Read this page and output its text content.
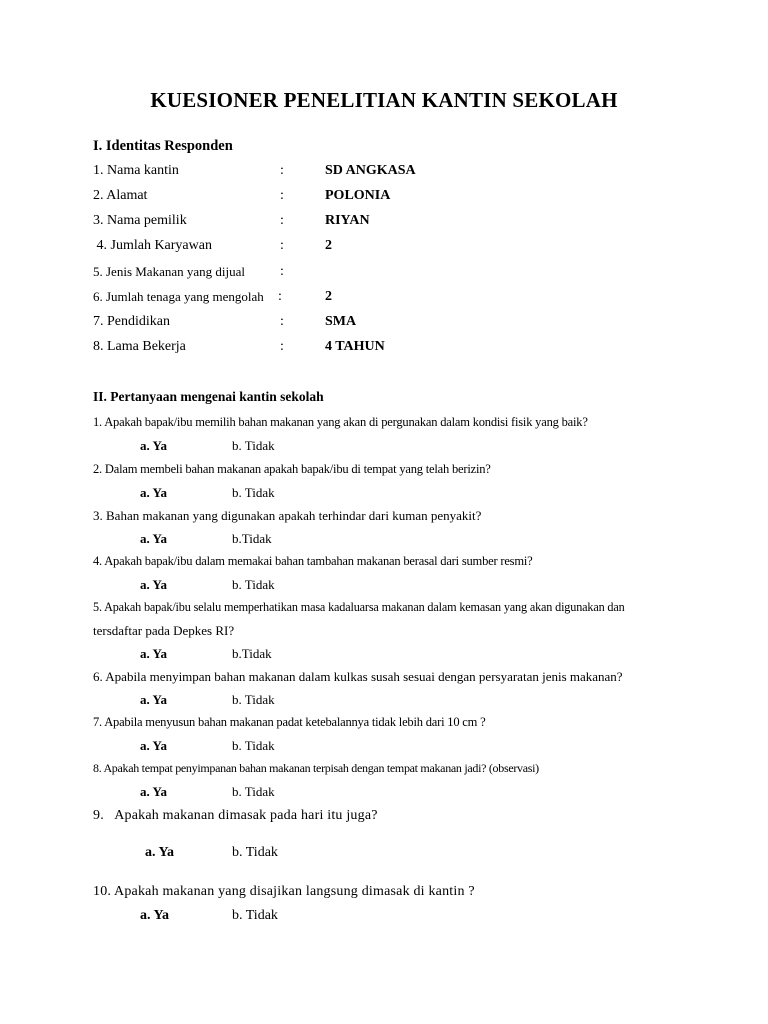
KUESIONER PENELITIAN KANTIN SEKOLAH
I. Identitas Responden
1. Nama kantin	:	SD ANGKASA
2. Alamat	:	POLONIA
3. Nama pemilik	:	RIYAN
4. Jumlah Karyawan	:	2
5. Jenis Makanan yang dijual	:
6. Jumlah tenaga yang mengolah :	2
7. Pendidikan	:	SMA
8. Lama Bekerja	:	4 TAHUN
II. Pertanyaan mengenai kantin sekolah
1. Apakah bapak/ibu memilih bahan makanan yang akan di pergunakan dalam kondisi fisik yang baik?
a. Ya	b. Tidak
2. Dalam membeli bahan makanan apakah bapak/ibu di tempat yang telah berizin?
a. Ya	b. Tidak
3. Bahan makanan yang digunakan apakah terhindar dari kuman penyakit?
a. Ya	b.Tidak
4. Apakah bapak/ibu dalam memakai bahan tambahan makanan berasal dari sumber resmi?
a. Ya	b. Tidak
5. Apakah bapak/ibu selalu memperhatikan masa kadaluarsa makanan dalam kemasan yang akan digunakan dan
tersdaftar pada Depkes RI?
a. Ya	b.Tidak
6. Apabila menyimpan bahan makanan dalam kulkas susah sesuai dengan persyaratan jenis makanan?
a. Ya	b. Tidak
7. Apabila menyusun bahan makanan padat ketebalannya tidak lebih dari 10 cm ?
a. Ya	b. Tidak
8. Apakah tempat penyimpanan bahan makanan terpisah dengan tempat makanan jadi? (observasi)
a. Ya	b. Tidak
9.   Apakah makanan dimasak pada hari itu juga?
a. Ya	b. Tidak
10. Apakah makanan yang disajikan langsung dimasak di kantin ?
a. Ya	b. Tidak
